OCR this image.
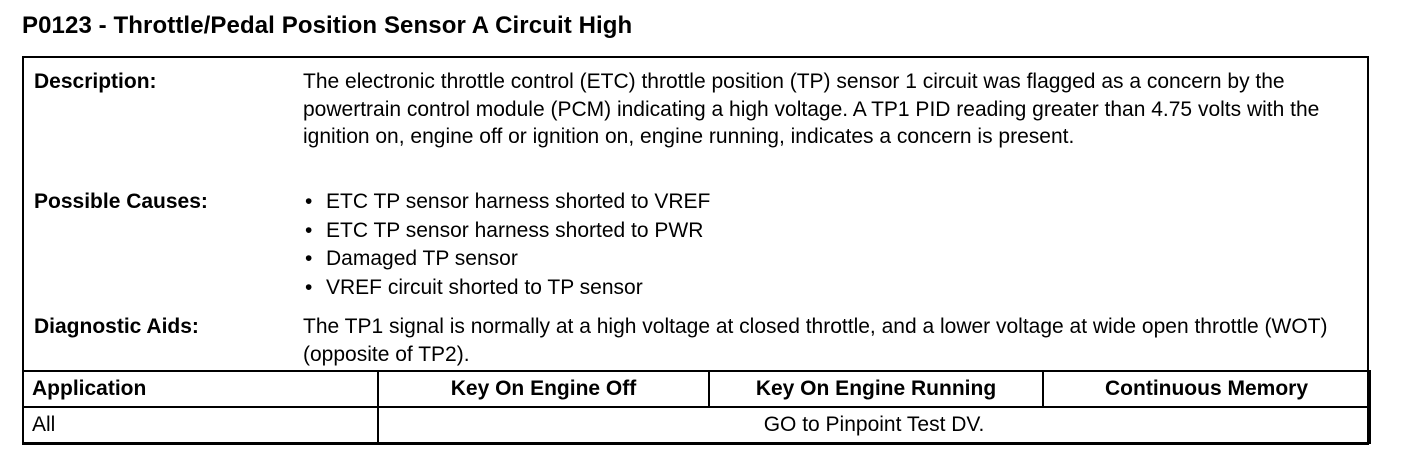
P0123 - Throttle/Pedal Position Sensor A Circuit High
Description:	The electronic throttle control (ETC) throttle position (TP) sensor 1 circuit was flagged as a concern by the powertrain control module (PCM) indicating a high voltage. A TP1 PID reading greater than 4.75 volts with the ignition on, engine off or ignition on, engine running, indicates a concern is present.
Possible Causes:	• ETC TP sensor harness shorted to VREF
• ETC TP sensor harness shorted to PWR
• Damaged TP sensor
• VREF circuit shorted to TP sensor
Diagnostic Aids:	The TP1 signal is normally at a high voltage at closed throttle, and a lower voltage at wide open throttle (WOT) (opposite of TP2).
Application	Key On Engine Off	Key On Engine Running	Continuous Memory
All	GO to Pinpoint Test DV.		
